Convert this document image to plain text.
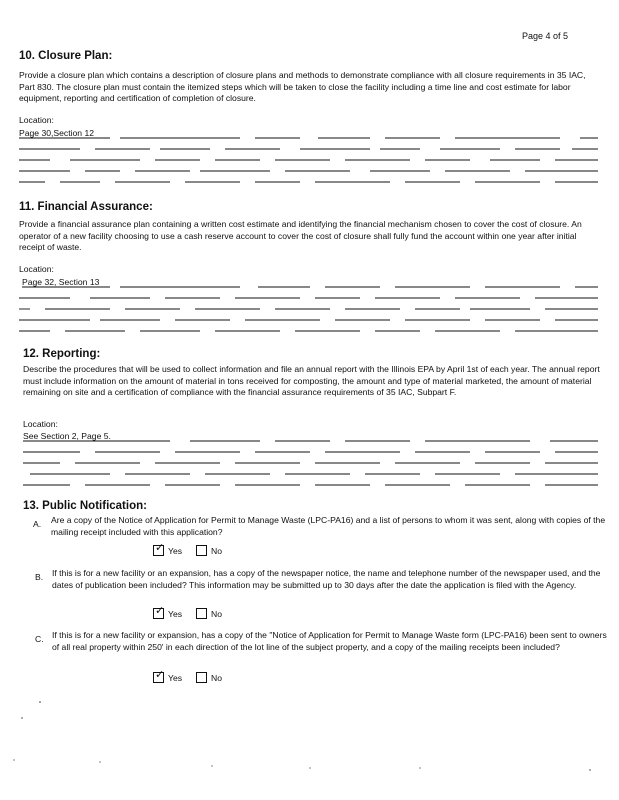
Page 4 of 5
10. Closure Plan:
Provide a closure plan which contains a description of closure plans and methods to demonstrate compliance with all closure requirements in 35 IAC, Part 830. The closure plan must contain the itemized steps which will be taken to close the facility including a time line and cost estimate for labor equipment, reporting and certification of completion of closure.
Location:
Page 30,Section 12
11. Financial Assurance:
Provide a financial assurance plan containing a written cost estimate and identifying the financial mechanism chosen to cover the cost of closure. An operator of a new facility choosing to use a cash reserve account to cover the cost of closure shall fully fund the account within one year after initial receipt of waste.
Location:
Page 32, Section 13
12. Reporting:
Describe the procedures that will be used to collect information and file an annual report with the Illinois EPA by April 1st of each year. The annual report must include information on the amount of material in tons received for composting, the amount and type of material marketed, the amount of material remaining on site and a certification of compliance with the financial assurance requirements of 35 IAC, Subpart F.
Location:
See Section 2, Page 5.
13. Public Notification:
A. Are a copy of the Notice of Application for Permit to Manage Waste (LPC-PA16) and a list of persons to whom it was sent, along with copies of the mailing receipt included with this application?
✓ Yes	No
B. If this is for a new facility or an expansion, has a copy of the newspaper notice, the name and telephone number of the newspaper used, and the dates of publication been included? This information may be submitted up to 30 days after the date the application is filed with the Agency.
✓ Yes	No
C. If this is for a new facility or expansion, has a copy of the "Notice of Application for Permit to Manage Waste form (LPC-PA16) been sent to owners of all real property within 250' in each direction of the lot line of the subject property, and a copy of the mailing receipts been included?
✓ Yes	No
